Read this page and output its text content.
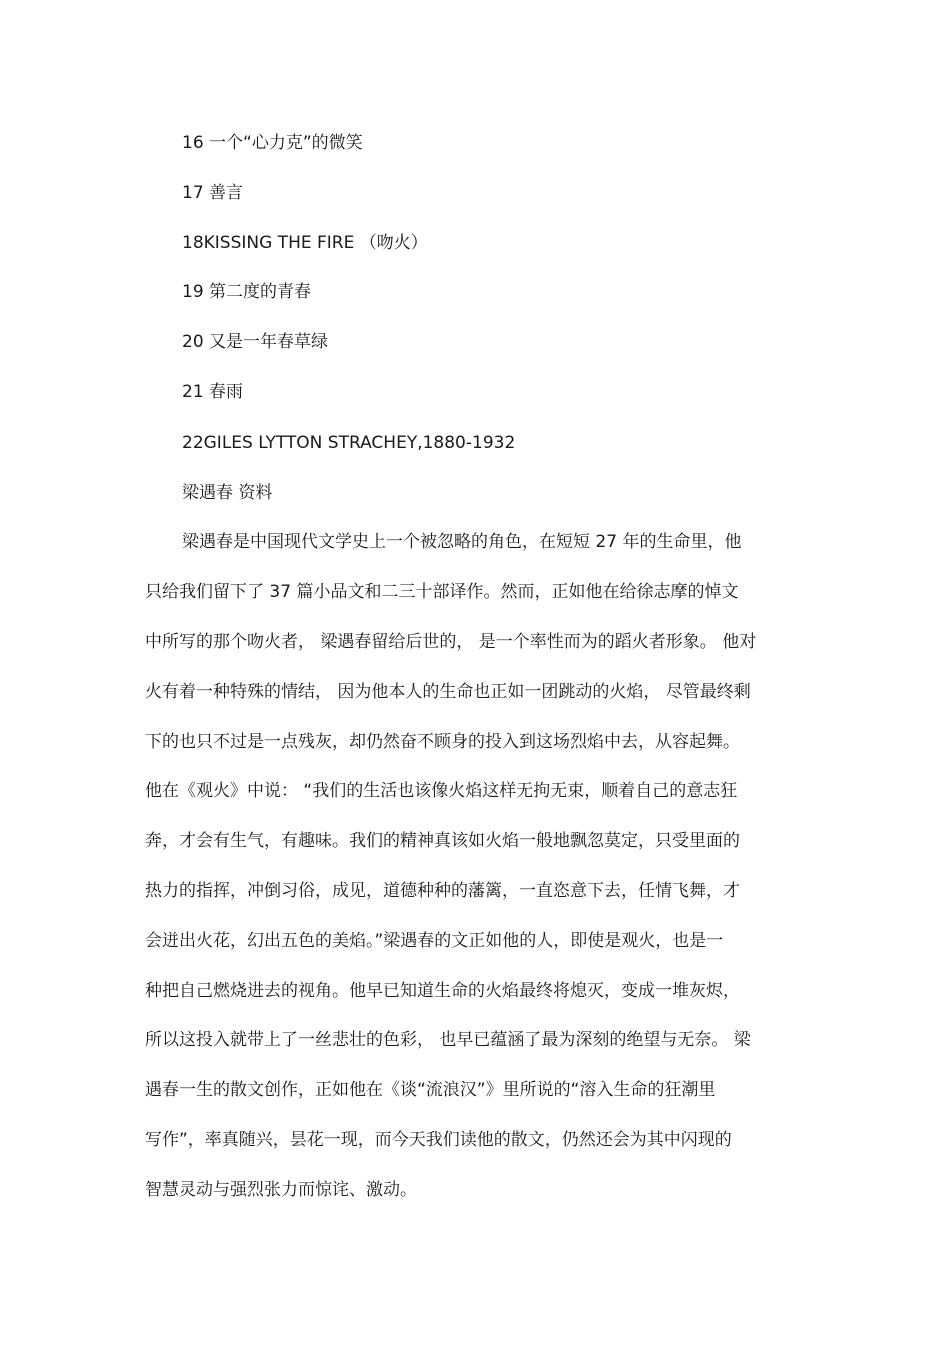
16 一个“心力克”的微笑
17 善言
18KISSING THE FIRE （吻火）
19 第二度的青春
20 又是一年春草绿
21 春雨
22GILES LYTTON STRACHEY,1880-1932
梁遇春 资料
梁遇春是中国现代文学史上一个被忽略的角色，在短短 27 年的生命里，他
只给我们留下了 37 篇小品文和二三十部译作。然而，正如他在给徐志摩的悼文
中所写的那个吻火者， 梁遇春留给后世的， 是一个率性而为的蹈火者形象。 他对
火有着一种特殊的情结， 因为他本人的生命也正如一团跳动的火焰， 尽管最终剩
下的也只不过是一点残灰，却仍然奋不顾身的投入到这场烈焰中去，从容起舞。
他在《观火》中说： “我们的生活也该像火焰这样无拘无束，顺着自己的意志狂
奔，才会有生气，有趣味。我们的精神真该如火焰一般地飘忽莫定，只受里面的
热力的指挥，冲倒习俗，成见，道德种种的藩篱，一直恣意下去，任情飞舞，才
会迸出火花，幻出五色的美焰。”梁遇春的文正如他的人，即使是观火，也是一
种把自己燃烧进去的视角。他早已知道生命的火焰最终将熄灭，变成一堆灰烬，
所以这投入就带上了一丝悲壮的色彩， 也早已蕴涵了最为深刻的绝望与无奈。 梁
遇春一生的散文创作，正如他在《谈“流浪汉”》里所说的“溶入生命的狂潮里
写作”，率真随兴，昙花一现，而今天我们读他的散文，仍然还会为其中闪现的
智慧灵动与强烈张力而惊诧、激动。
